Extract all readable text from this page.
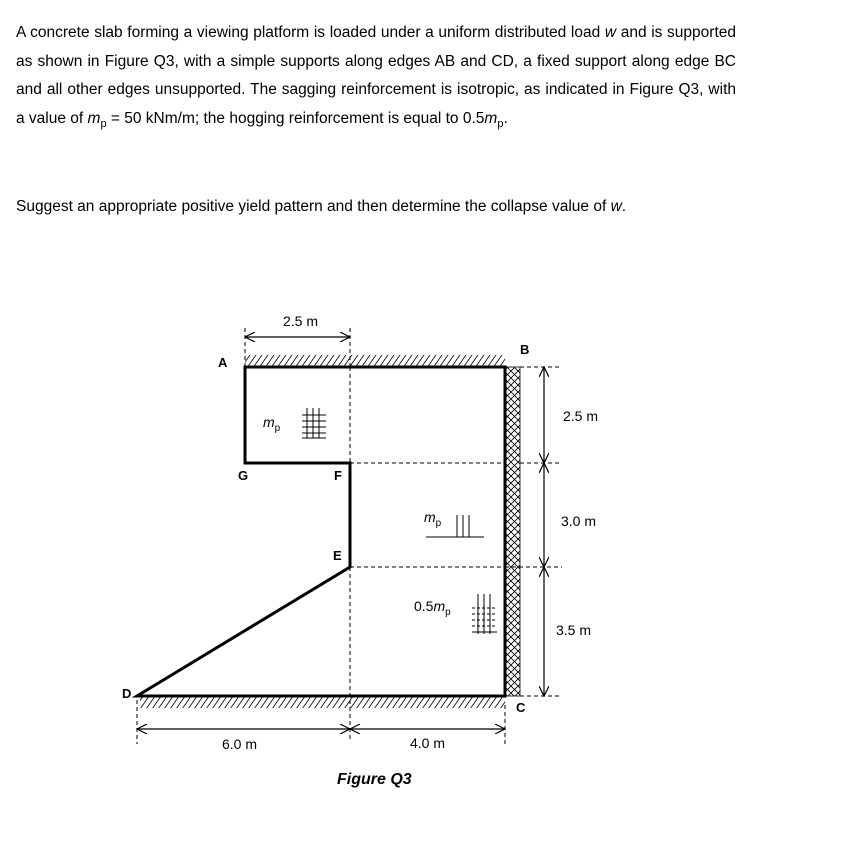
A concrete slab forming a viewing platform is loaded under a uniform distributed load w and is supported as shown in Figure Q3, with a simple supports along edges AB and CD, a fixed support along edge BC and all other edges unsupported. The sagging reinforcement is isotropic, as indicated in Figure Q3, with a value of $m_p = 50$ kNm/m; the hogging reinforcement is equal to $0.5m_p$.
Suggest an appropriate positive yield pattern and then determine the collapse value of w.
A
B
C
D
E
F
G
2.5 m
2.5 m
3.0 m
3.5 m
6.0 m	4.0 m
$m_p$
$m_p$
$0.5m_p$
Figure Q3
